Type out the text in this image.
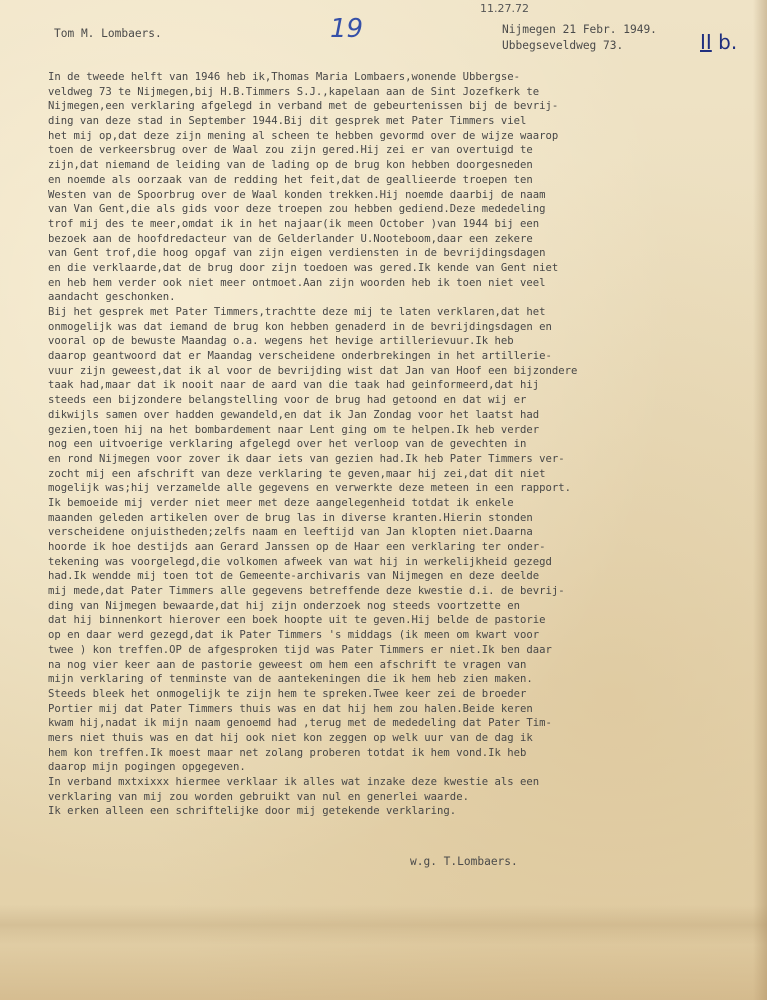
11.27.72
19	II b.
Tom M. Lombaers.	Nijmegen 21 Febr. 1949.
Ubbegseveldweg 73.
In de tweede helft van 1946 heb ik,Thomas Maria Lombaers,wonende Ubbergse-
veldweg 73 te Nijmegen,bij H.B.Timmers S.J.,kapelaan aan de Sint Jozefkerk te
Nijmegen,een verklaring afgelegd in verband met de gebeurtenissen bij de bevrij-
ding van deze stad in September 1944.Bij dit gesprek met Pater Timmers viel
het mij op,dat deze zijn mening al scheen te hebben gevormd over de wijze waarop
toen de verkeersbrug over de Waal zou zijn gered.Hij zei er van overtuigd te
zijn,dat niemand de leiding van de lading op de brug kon hebben doorgesneden
en noemde als oorzaak van de redding het feit,dat de geallieerde troepen ten
Westen van de Spoorbrug over de Waal konden trekken.Hij noemde daarbij de naam
van Van Gent,die als gids voor deze troepen zou hebben gediend.Deze mededeling
trof mij des te meer,omdat ik in het najaar(ik meen October )van 1944 bij een
bezoek aan de hoofdredacteur van de Gelderlander U.Nooteboom,daar een zekere
van Gent trof,die hoog opgaf van zijn eigen verdiensten in de bevrijdingsdagen
en die verklaarde,dat de brug door zijn toedoen was gered.Ik kende van Gent niet
en heb hem verder ook niet meer ontmoet.Aan zijn woorden heb ik toen niet veel
aandacht geschonken.
Bij het gesprek met Pater Timmers,trachtte deze mij te laten verklaren,dat het
onmogelijk was dat iemand de brug kon hebben genaderd in de bevrijdingsdagen en
vooral op de bewuste Maandag o.a. wegens het hevige artillerievuur.Ik heb
daarop geantwoord dat er Maandag verscheidene onderbrekingen in het artillerie-
vuur zijn geweest,dat ik al voor de bevrijding wist dat Jan van Hoof een bijzondere
taak had,maar dat ik nooit naar de aard van die taak had geinformeerd,dat hij
steeds een bijzondere belangstelling voor de brug had getoond en dat wij er
dikwijls samen over hadden gewandeld,en dat ik Jan Zondag voor het laatst had
gezien,toen hij na het bombardement naar Lent ging om te helpen.Ik heb verder
nog een uitvoerige verklaring afgelegd over het verloop van de gevechten in
en rond Nijmegen voor zover ik daar iets van gezien had.Ik heb Pater Timmers ver-
zocht mij een afschrift van deze verklaring te geven,maar hij zei,dat dit niet
mogelijk was;hij verzamelde alle gegevens en verwerkte deze meteen in een rapport.
Ik bemoeide mij verder niet meer met deze aangelegenheid totdat ik enkele
maanden geleden artikelen over de brug las in diverse kranten.Hierin stonden
verscheidene onjuistheden;zelfs naam en leeftijd van Jan klopten niet.Daarna
hoorde ik hoe destijds aan Gerard Janssen op de Haar een verklaring ter onder-
tekening was voorgelegd,die volkomen afweek van wat hij in werkelijkheid gezegd
had.Ik wendde mij toen tot de Gemeente-archivaris van Nijmegen en deze deelde
mij mede,dat Pater Timmers alle gegevens betreffende deze kwestie d.i. de bevrij-
ding van Nijmegen bewaarde,dat hij zijn onderzoek nog steeds voortzette en
dat hij binnenkort hierover een boek hoopte uit te geven.Hij belde de pastorie
op en daar werd gezegd,dat ik Pater Timmers 's middags (ik meen om kwart voor
twee ) kon treffen.OP de afgesproken tijd was Pater Timmers er niet.Ik ben daar
na nog vier keer aan de pastorie geweest om hem een afschrift te vragen van
mijn verklaring of tenminste van de aantekeningen die ik hem heb zien maken.
Steeds bleek het onmogelijk te zijn hem te spreken.Twee keer zei de broeder
Portier mij dat Pater Timmers thuis was en dat hij hem zou halen.Beide keren
kwam hij,nadat ik mijn naam genoemd had ,terug met de mededeling dat Pater Tim-
mers niet thuis was en dat hij ook niet kon zeggen op welk uur van de dag ik
hem kon treffen.Ik moest maar net zolang proberen totdat ik hem vond.Ik heb
daarop mijn pogingen opgegeven.
In verband mxtxixxx hiermee verklaar ik alles wat inzake deze kwestie als een
verklaring van mij zou worden gebruikt van nul en generlei waarde.
Ik erken alleen een schriftelijke door mij getekende verklaring.
w.g. T.Lombaers.
